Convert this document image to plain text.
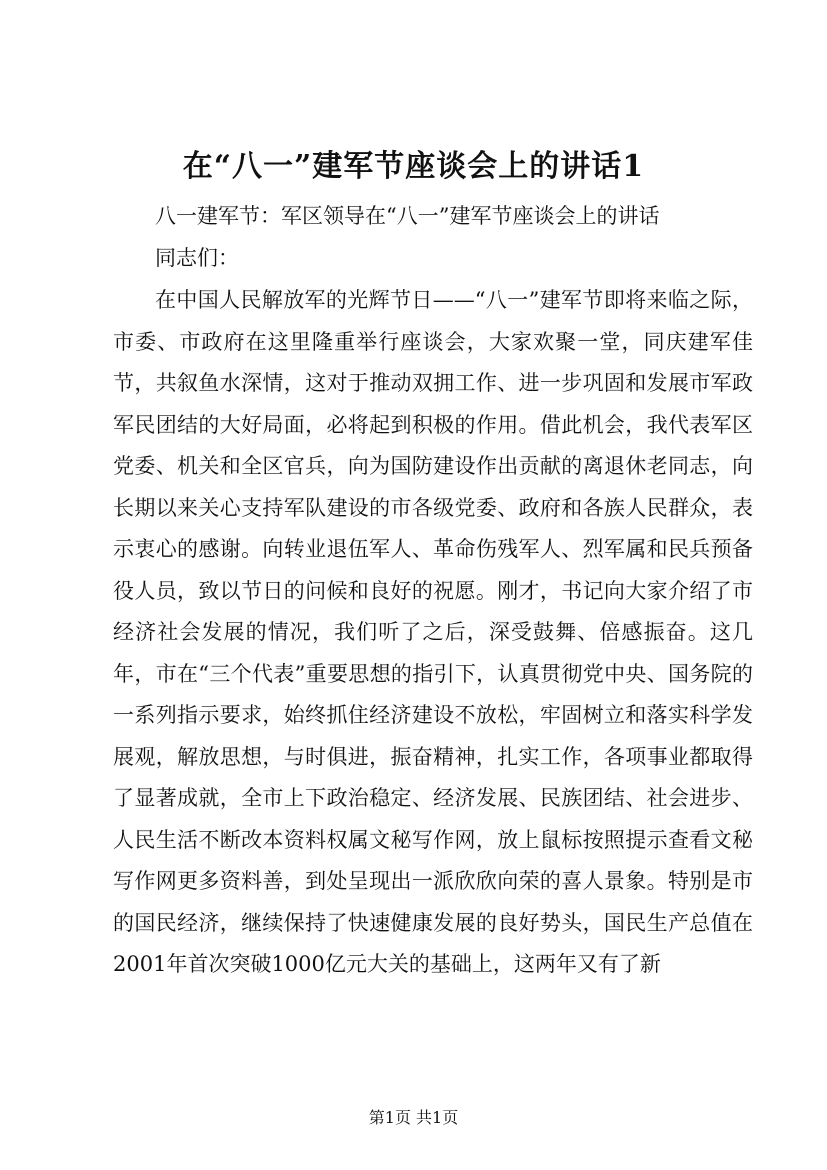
在“八一”建军节座谈会上的讲话1
八一建军节：军区领导在“八一”建军节座谈会上的讲话
同志们：
在中国人民解放军的光辉节日——“八一”建军节即将来临之际，市委、市政府在这里隆重举行座谈会，大家欢聚一堂，同庆建军佳节，共叙鱼水深情，这对于推动双拥工作、进一步巩固和发展市军政军民团结的大好局面，必将起到积极的作用。借此机会，我代表军区党委、机关和全区官兵，向为国防建设作出贡献的离退休老同志，向长期以来关心支持军队建设的市各级党委、政府和各族人民群众，表示衷心的感谢。向转业退伍军人、革命伤残军人、烈军属和民兵预备役人员，致以节日的问候和良好的祝愿。刚才，书记向大家介绍了市经济社会发展的情况，我们听了之后，深受鼓舞、倍感振奋。这几年，市在“三个代表”重要思想的指引下，认真贯彻党中央、国务院的一系列指示要求，始终抓住经济建设不放松，牢固树立和落实科学发展观，解放思想，与时俱进，振奋精神，扎实工作，各项事业都取得了显著成就，全市上下政治稳定、经济发展、民族团结、社会进步、人民生活不断改本资料权属文秘写作网，放上鼠标按照提示查看文秘写作网更多资料善，到处呈现出一派欣欣向荣的喜人景象。特别是市的国民经济，继续保持了快速健康发展的良好势头，国民生产总值在2001年首次突破1000亿元大关的基础上，这两年又有了新
第1页 共1页
